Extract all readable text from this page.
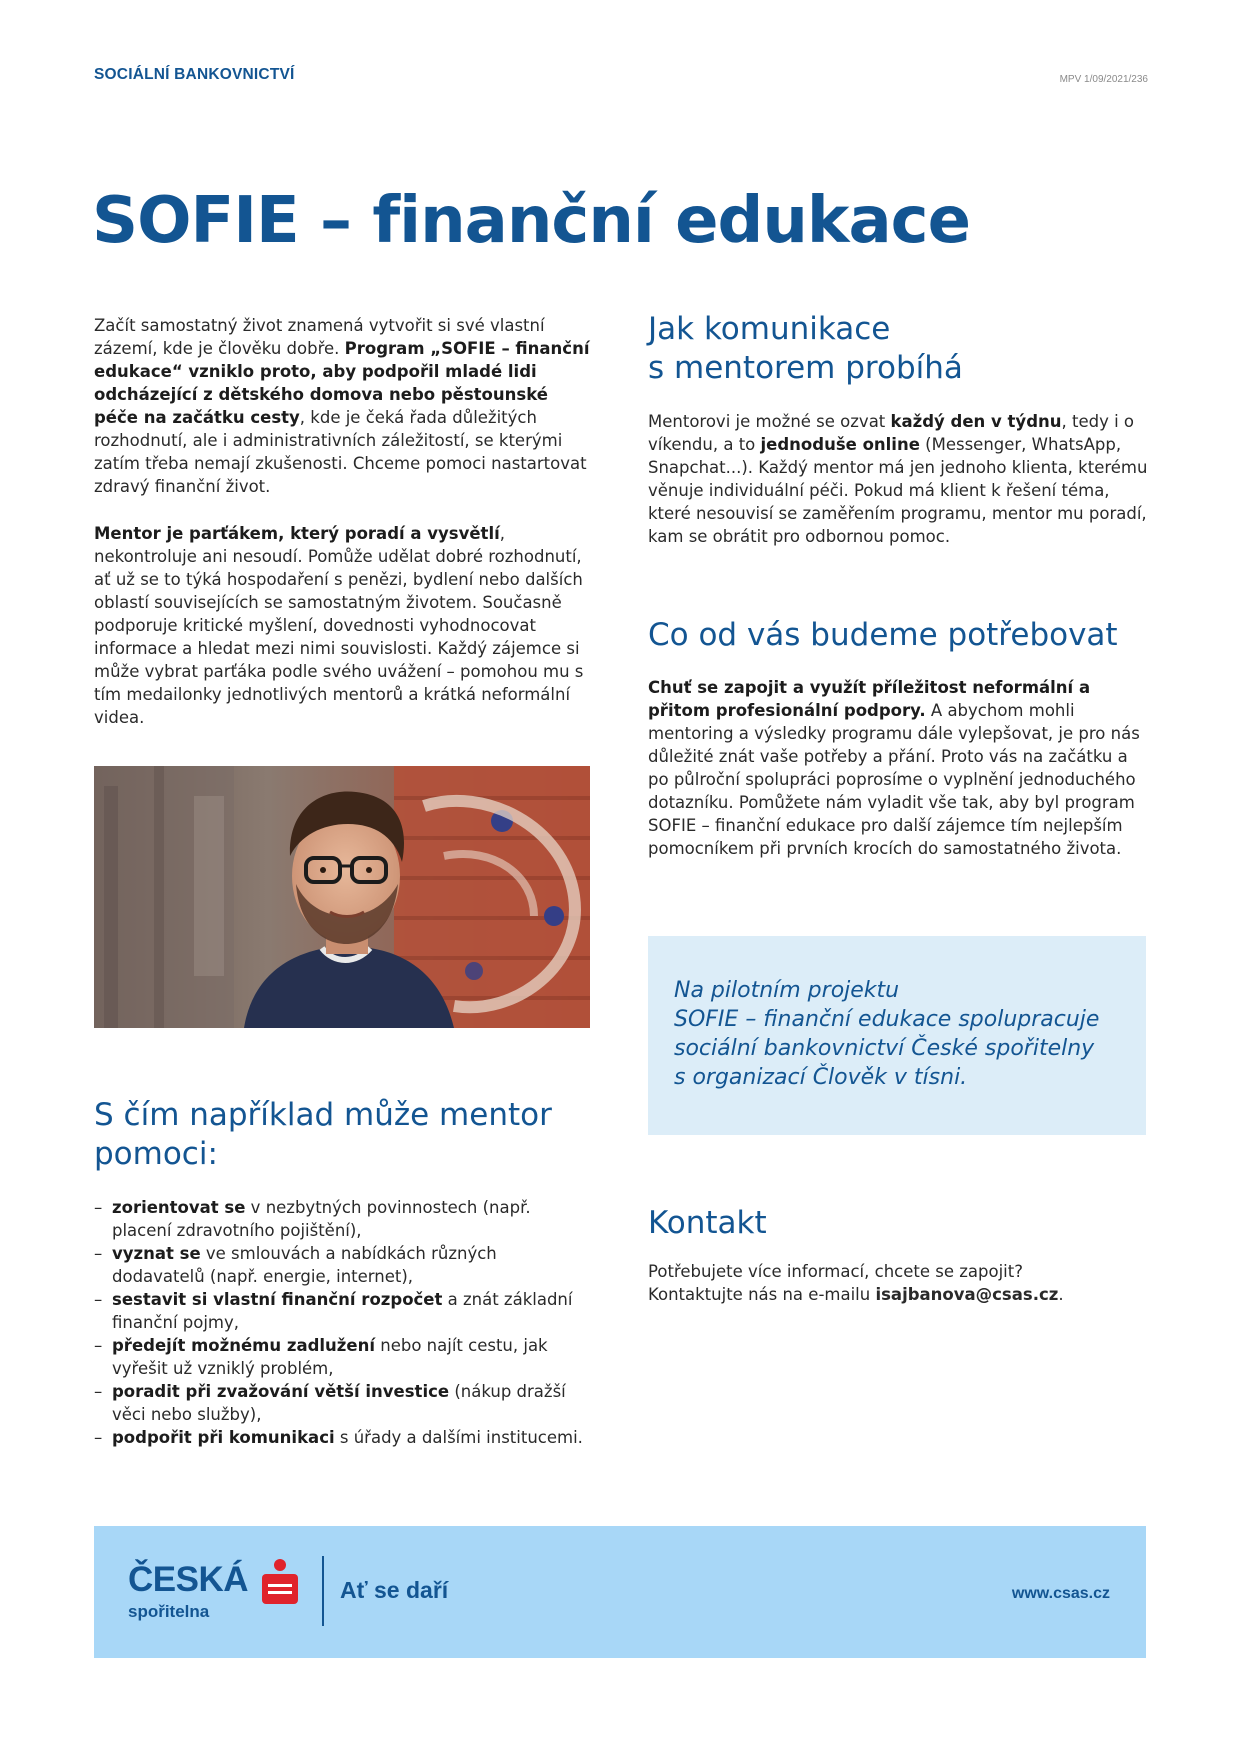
SOCIÁLNÍ BANKOVNICTVÍ	MPV 1/09/2021/236
SOFIE – finanční edukace

Začít samostatný život znamená vytvořit si své vlastní zázemí, kde je člověku dobře. Program „SOFIE – finanční edukace“ vzniklo proto, aby podpořil mladé lidi odcházející z dětského domova nebo pěstounské péče na začátku cesty, kde je čeká řada důležitých rozhodnutí, ale i administrativních záležitostí, se kterými zatím třeba nemají zkušenosti. Chceme pomoci nastartovat zdravý finanční život.

Mentor je parťákem, který poradí a vysvětlí, nekontroluje ani nesoudí. Pomůže udělat dobré rozhodnutí, ať už se to týká hospodaření s penězi, bydlení nebo dalších oblastí souvisejících se samostatným životem. Současně podporuje kritické myšlení, dovednosti vyhodnocovat informace a hledat mezi nimi souvislosti. Každý zájemce si může vybrat parťáka podle svého uvážení – pomohou mu s tím medailonky jednotlivých mentorů a krátká neformální videa.

S čím například může mentor
pomoci:
– zorientovat se v nezbytných povinnostech (např. placení zdravotního pojištění),
– vyznat se ve smlouvách a nabídkách různých dodavatelů (např. energie, internet),
– sestavit si vlastní finanční rozpočet a znát základní finanční pojmy,
– předejít možnému zadlužení nebo najít cestu, jak vyřešit už vzniklý problém,
– poradit při zvažování větší investice (nákup dražší věci nebo služby),
– podpořit při komunikaci s úřady a dalšími institucemi.
Jak komunikace
s mentorem probíhá

Mentorovi je možné se ozvat každý den v týdnu, tedy i o víkendu, a to jednoduše online (Messenger, WhatsApp, Snapchat...). Každý mentor má jen jednoho klienta, kterému věnuje individuální péči. Pokud má klient k řešení téma, které nesouvisí se zaměřením programu, mentor mu poradí, kam se obrátit pro odbornou pomoc.

Co od vás budeme potřebovat

Chuť se zapojit a využít příležitost neformální a přitom profesionální podpory. A abychom mohli mentoring a výsledky programu dále vylepšovat, je pro nás důležité znát vaše potřeby a přání. Proto vás na začátku a po půlroční spolupráci poprosíme o vyplnění jednoduchého dotazníku. Pomůžete nám vyladit vše tak, aby byl program SOFIE – finanční edukace pro další zájemce tím nejlepším pomocníkem při prvních krocích do samostatného života.

Na pilotním projektu
SOFIE – finanční edukace spolupracuje
sociální bankovnictví České spořitelny
s organizací Člověk v tísni.

Kontakt

Potřebujete více informací, chcete se zapojit? Kontaktujte nás na e-mailu isajbanova@csas.cz.

ČESKÁ
spořitelna
Ať se daří	www.csas.cz
